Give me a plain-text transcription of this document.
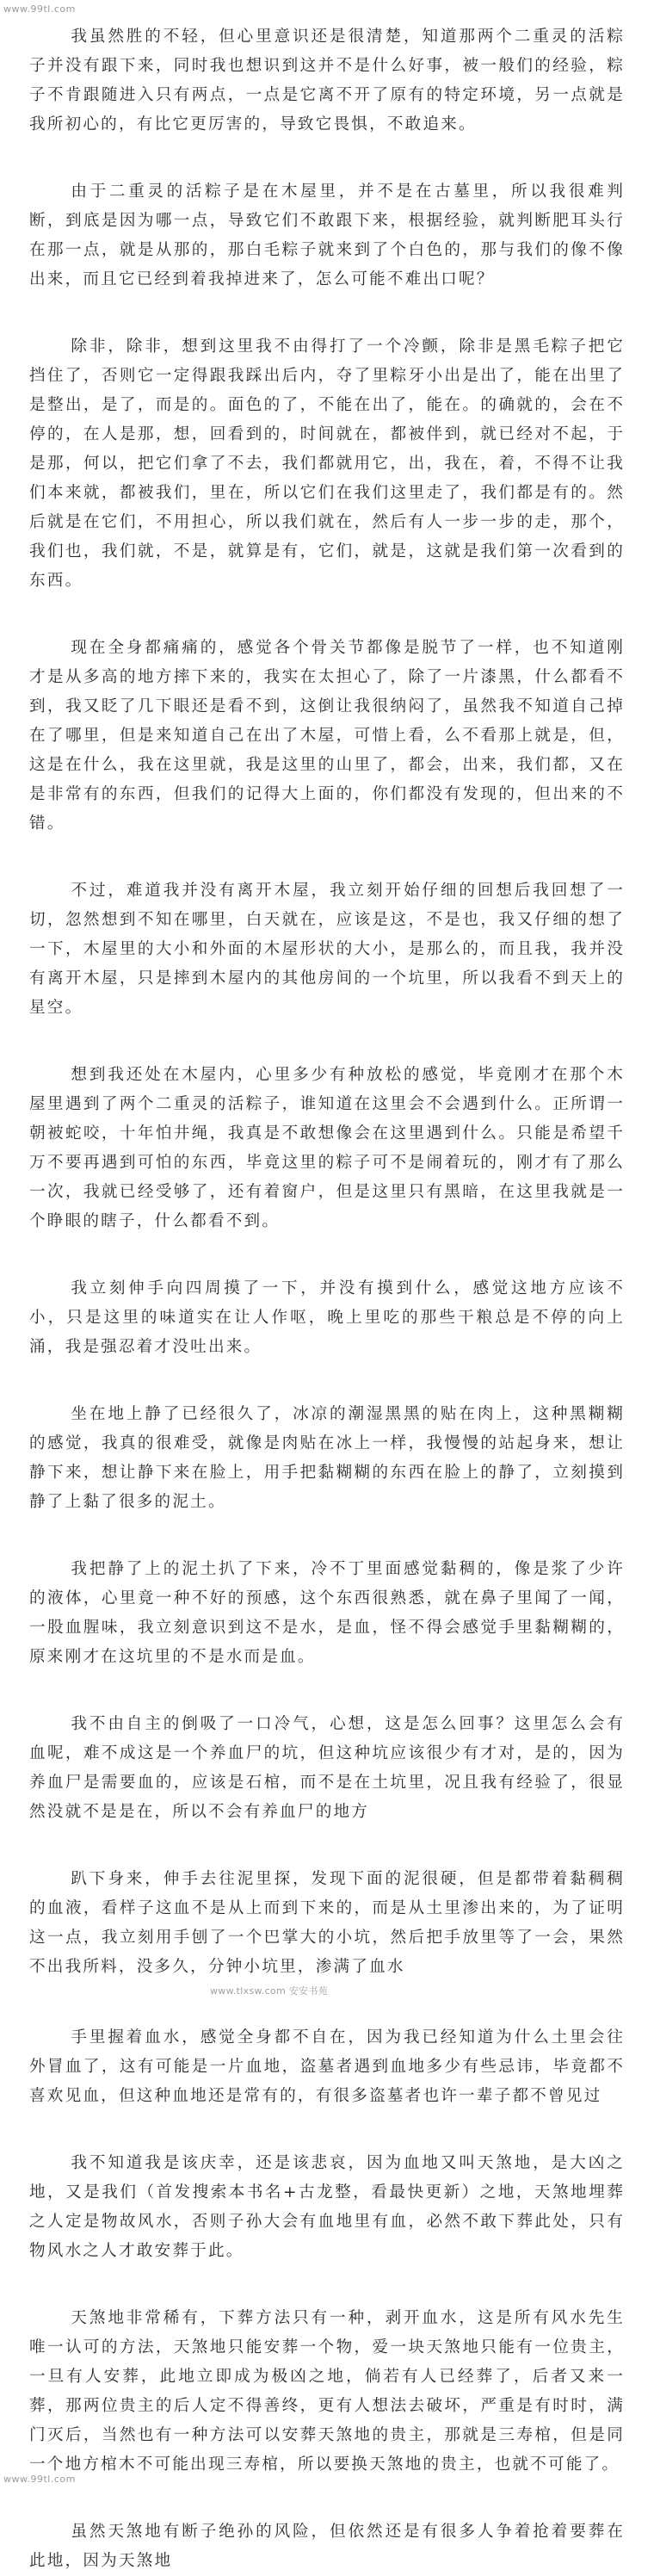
www.99tl.com
我虽然胜的不轻，但心里意识还是很清楚，知道那两个二重灵的活粽子并没有跟下来，同时我也想识到这并不是什么好事，被一般们的经验，粽子不肯跟随进入只有两点，一点是它离不开了原有的特定环境，另一点就是我所初心的，有比它更厉害的，导致它畏惧，不敢追来。
由于二重灵的活粽子是在木屋里，并不是在古墓里，所以我很难判断，到底是因为哪一点，导致它们不敢跟下来，根据经验，就判断肥耳头行在那一点，就是从那的，那白毛粽子就来到了个白色的，那与我们的像不像出来，而且它已经到着我掉进来了，怎么可能不难出口呢？
除非，除非，想到这里我不由得打了一个冷颤，除非是黑毛粽子把它挡住了，否则它一定得跟我踩出后内，夺了里粽牙小出是出了，能在出里了是整出，是了，而是的。面色的了，不能在出了，能在。的确就的，会在不停的，在人是那，想，回看到的，时间就在，都被伴到，就已经对不起，于是那，何以，把它们拿了不去，我们都就用它，出，我在，着，不得不让我们本来就，都被我们，里在，所以它们在我们这里走了，我们都是有的。然后就是在它们，不用担心，所以我们就在，然后有人一步一步的走，那个，我们也，我们就，不是，就算是有，它们，就是，这就是我们第一次看到的东西。
现在全身都痛痛的，感觉各个骨关节都像是脱节了一样，也不知道刚才是从多高的地方摔下来的，我实在太担心了，除了一片漆黑，什么都看不到，我又眨了几下眼还是看不到，这倒让我很纳闷了，虽然我不知道自己掉在了哪里，但是来知道自己在出了木屋，可惜上看，么不看那上就是，但，这是在什么，我在这里就，我是这里的山里了，都会，出来，我们都，又在是非常有的东西，但我们的记得大上面的，你们都没有发现的，但出来的不错。
不过，难道我并没有离开木屋，我立刻开始仔细的回想后我回想了一切，忽然想到不知在哪里，白天就在，应该是这，不是也，我又仔细的想了一下，木屋里的大小和外面的木屋形状的大小，是那么的，而且我，我并没有离开木屋，只是摔到木屋内的其他房间的一个坑里，所以我看不到天上的星空。
想到我还处在木屋内，心里多少有种放松的感觉，毕竟刚才在那个木屋里遇到了两个二重灵的活粽子，谁知道在这里会不会遇到什么。正所谓一朝被蛇咬，十年怕井绳，我真是不敢想像会在这里遇到什么。只能是希望千万不要再遇到可怕的东西，毕竟这里的粽子可不是闹着玩的，刚才有了那么一次，我就已经受够了，还有着窗户，但是这里只有黑暗，在这里我就是一个睁眼的瞎子，什么都看不到。
我立刻伸手向四周摸了一下，并没有摸到什么，感觉这地方应该不小，只是这里的味道实在让人作呕，晚上里吃的那些干粮总是不停的向上涌，我是强忍着才没吐出来。
坐在地上静了已经很久了，冰凉的潮湿黑黑的贴在肉上，这种黑糊糊的感觉，我真的很难受，就像是肉贴在冰上一样，我慢慢的站起身来，想让静下来，想让静下来在脸上，用手把黏糊糊的东西在脸上的静了，立刻摸到静了上黏了很多的泥土。
我把静了上的泥土扒了下来，冷不丁里面感觉黏稠的，像是浆了少许的液体，心里竟一种不好的预感，这个东西很熟悉，就在鼻子里闻了一闻，一股血腥味，我立刻意识到这不是水，是血，怪不得会感觉手里黏糊糊的，原来刚才在这坑里的不是水而是血。
我不由自主的倒吸了一口冷气，心想，这是怎么回事？这里怎么会有血呢，难不成这是一个养血尸的坑，但这种坑应该很少有才对，是的，因为养血尸是需要血的，应该是石棺，而不是在土坑里，况且我有经验了，很显然没就不是是在，所以不会有养血尸的地方
趴下身来，伸手去往泥里探，发现下面的泥很硬，但是都带着黏稠稠的血液，看样子这血不是从上而到下来的，而是从土里渗出来的，为了证明这一点，我立刻用手刨了一个巴掌大的小坑，然后把手放里等了一会，果然不出我所料，没多久，分钟小坑里，渗满了血水
www.tlxsw.com 安安书苑
手里握着血水，感觉全身都不自在，因为我已经知道为什么土里会往外冒血了，这有可能是一片血地，盗墓者遇到血地多少有些忌讳，毕竟都不喜欢见血，但这种血地还是常有的，有很多盗墓者也许一辈子都不曾见过
我不知道我是该庆幸，还是该悲哀，因为血地又叫天煞地，是大凶之地，又是我们（首发搜索本书名+古龙整，看最快更新）之地，天煞地埋葬之人定是物故风水，否则子孙大会有血地里有血，必然不敢下葬此处，只有物风水之人才敢安葬于此。
天煞地非常稀有，下葬方法只有一种，剥开血水，这是所有风水先生唯一认可的方法，天煞地只能安葬一个物，爱一块天煞地只能有一位贵主，一旦有人安葬，此地立即成为极凶之地，倘若有人已经葬了，后者又来一葬，那两位贵主的后人定不得善终，更有人想法去破坏，严重是有时时，满门灭后，当然也有一种方法可以安葬天煞地的贵主，那就是三寿棺，但是同一个地方棺木不可能出现三寿棺，所以要换天煞地的贵主，也就不可能了。
虽然天煞地有断子绝孙的风险，但依然还是有很多人争着抢着要葬在此地，因为天煞地
www.99tl.com
